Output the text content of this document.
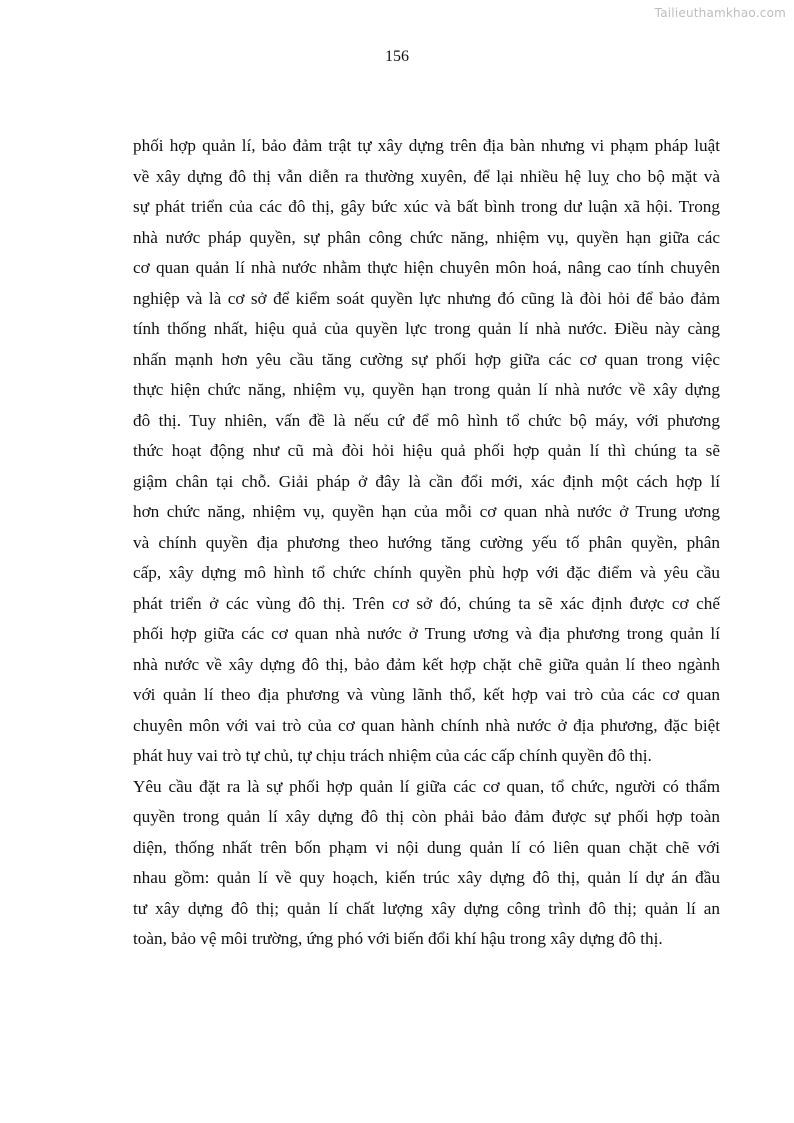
Tailieuthamkhao.com
156
phối hợp quản lí, bảo đảm trật tự xây dựng trên địa bàn nhưng vi phạm pháp luật
về xây dựng đô thị vẫn diễn ra thường xuyên, để lại nhiều hệ luỵ cho bộ mặt và
sự phát triển của các đô thị, gây bức xúc và bất bình trong dư luận xã hội. Trong
nhà nước pháp quyền, sự phân công chức năng, nhiệm vụ, quyền hạn giữa các
cơ quan quản lí nhà nước nhằm thực hiện chuyên môn hoá, nâng cao tính chuyên
nghiệp và là cơ sở để kiểm soát quyền lực nhưng đó cũng là đòi hỏi để bảo đảm
tính thống nhất, hiệu quả của quyền lực trong quản lí nhà nước. Điều này càng
nhấn mạnh hơn yêu cầu tăng cường sự phối hợp giữa các cơ quan trong việc
thực hiện chức năng, nhiệm vụ, quyền hạn trong quản lí nhà nước về xây dựng
đô thị. Tuy nhiên, vấn đề là nếu cứ để mô hình tổ chức bộ máy, với phương
thức hoạt động như cũ mà đòi hỏi hiệu quả phối hợp quản lí thì chúng ta sẽ
giậm chân tại chỗ. Giải pháp ở đây là cần đổi mới, xác định một cách hợp lí
hơn chức năng, nhiệm vụ, quyền hạn của mỗi cơ quan nhà nước ở Trung ương
và chính quyền địa phương theo hướng tăng cường yếu tố phân quyền, phân
cấp, xây dựng mô hình tổ chức chính quyền phù hợp với đặc điểm và yêu cầu
phát triển ở các vùng đô thị. Trên cơ sở đó, chúng ta sẽ xác định được cơ chế
phối hợp giữa các cơ quan nhà nước ở Trung ương và địa phương trong quản lí
nhà nước về xây dựng đô thị, bảo đảm kết hợp chặt chẽ giữa quản lí theo ngành
với quản lí theo địa phương và vùng lãnh thổ, kết hợp vai trò của các cơ quan
chuyên môn với vai trò của cơ quan hành chính nhà nước ở địa phương, đặc biệt
phát huy vai trò tự chủ, tự chịu trách nhiệm của các cấp chính quyền đô thị.
Yêu cầu đặt ra là sự phối hợp quản lí giữa các cơ quan, tổ chức, người có thẩm
quyền trong quản lí xây dựng đô thị còn phải bảo đảm được sự phối hợp toàn
diện, thống nhất trên bốn phạm vi nội dung quản lí có liên quan chặt chẽ với
nhau gồm: quản lí về quy hoạch, kiến trúc xây dựng đô thị, quản lí dự án đầu
tư xây dựng đô thị; quản lí chất lượng xây dựng công trình đô thị; quản lí an
toàn, bảo vệ môi trường, ứng phó với biến đổi khí hậu trong xây dựng đô thị.
